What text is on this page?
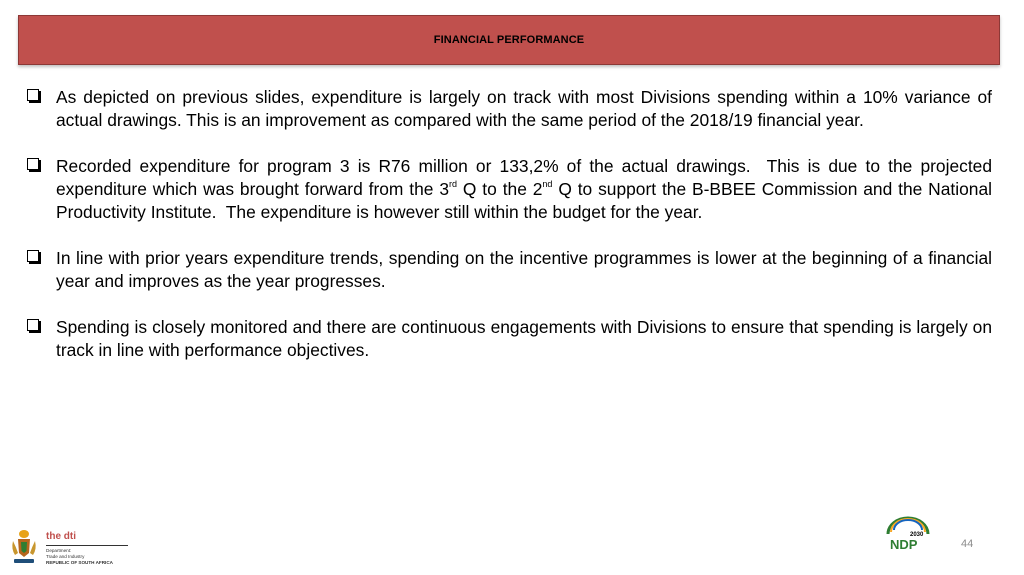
FINANCIAL PERFORMANCE
As depicted on previous slides, expenditure is largely on track with most Divisions spending within a 10% variance of actual drawings. This is an improvement as compared with the same period of the 2018/19 financial year.
Recorded expenditure for program 3 is R76 million or 133,2% of the actual drawings.  This is due to the projected expenditure which was brought forward from the 3rd Q to the 2nd Q to support the B-BBEE Commission and the National Productivity Institute.  The expenditure is however still within the budget for the year.
In line with prior years expenditure trends, spending on the incentive programmes is lower at the beginning of a financial year and improves as the year progresses.
Spending is closely monitored and there are continuous engagements with Divisions to ensure that spending is largely on track in line with performance objectives.
the dti
Department:
Trade and Industry
REPUBLIC OF SOUTH AFRICA
2030
NDP	44
